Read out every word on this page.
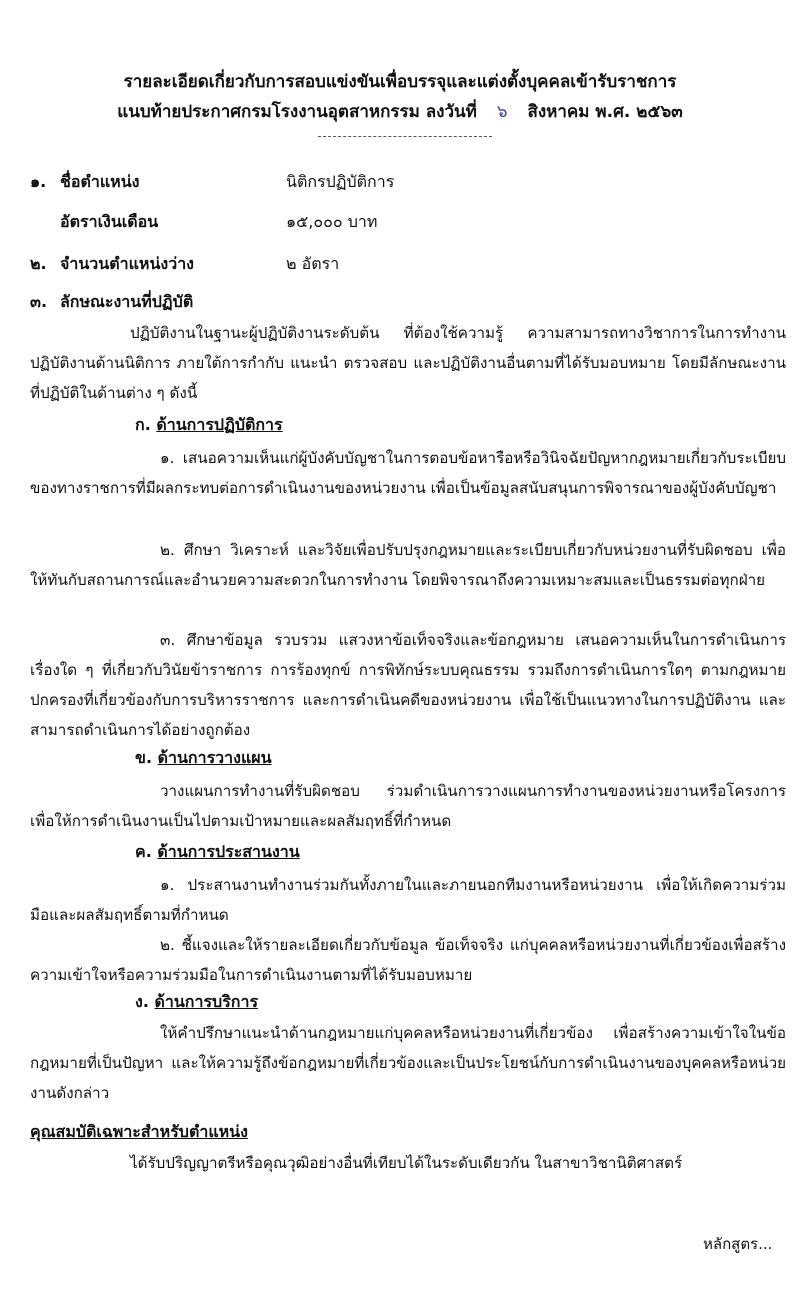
รายละเอียดเกี่ยวกับการสอบแข่งขันเพื่อบรรจุและแต่งตั้งบุคคลเข้ารับราชการ
แนบท้ายประกาศกรมโรงงานอุตสาหกรรม ลงวันที่ ๖ สิงหาคม พ.ศ. ๒๕๖๓
๑. ชื่อตำแหน่ง	นิติกรปฏิบัติการ
อัตราเงินเดือน	๑๕,๐๐๐ บาท
๒. จำนวนตำแหน่งว่าง	๒ อัตรา
๓. ลักษณะงานที่ปฏิบัติ
ปฏิบัติงานในฐานะผู้ปฏิบัติงานระดับต้น ที่ต้องใช้ความรู้ ความสามารถทางวิชาการในการทำงาน ปฏิบัติงานด้านนิติการ ภายใต้การกำกับ แนะนำ ตรวจสอบ และปฏิบัติงานอื่นตามที่ได้รับมอบหมาย โดยมีลักษณะงานที่ปฏิบัติในด้านต่าง ๆ ดังนี้
ก. ด้านการปฏิบัติการ
๑. เสนอความเห็นแก่ผู้บังคับบัญชาในการตอบข้อหารือหรือวินิจฉัยปัญหากฎหมายเกี่ยวกับระเบียบของทางราชการที่มีผลกระทบต่อการดำเนินงานของหน่วยงาน เพื่อเป็นข้อมูลสนับสนุนการพิจารณาของผู้บังคับบัญชา
๒. ศึกษา วิเคราะห์ และวิจัยเพื่อปรับปรุงกฎหมายและระเบียบเกี่ยวกับหน่วยงานที่รับผิดชอบ เพื่อให้ทันกับสถานการณ์และอำนวยความสะดวกในการทำงาน โดยพิจารณาถึงความเหมาะสมและเป็นธรรมต่อทุกฝ่าย
๓. ศึกษาข้อมูล รวบรวม แสวงหาข้อเท็จจริงและข้อกฎหมาย เสนอความเห็นในการดำเนินการเรื่องใด ๆ ที่เกี่ยวกับวินัยข้าราชการ การร้องทุกข์ การพิทักษ์ระบบคุณธรรม รวมถึงการดำเนินการใดๆ ตามกฎหมายปกครองที่เกี่ยวข้องกับการบริหารราชการ และการดำเนินคดีของหน่วยงาน เพื่อใช้เป็นแนวทางในการปฏิบัติงาน และสามารถดำเนินการได้อย่างถูกต้อง
ข. ด้านการวางแผน
วางแผนการทำงานที่รับผิดชอบ ร่วมดำเนินการวางแผนการทำงานของหน่วยงานหรือโครงการ เพื่อให้การดำเนินงานเป็นไปตามเป้าหมายและผลสัมฤทธิ์ที่กำหนด
ค. ด้านการประสานงาน
๑. ประสานงานทำงานร่วมกันทั้งภายในและภายนอกทีมงานหรือหน่วยงาน เพื่อให้เกิดความร่วมมือและผลสัมฤทธิ์ตามที่กำหนด
๒. ชี้แจงและให้รายละเอียดเกี่ยวกับข้อมูล ข้อเท็จจริง แก่บุคคลหรือหน่วยงานที่เกี่ยวข้องเพื่อสร้างความเข้าใจหรือความร่วมมือในการดำเนินงานตามที่ได้รับมอบหมาย
ง. ด้านการบริการ
ให้คำปรึกษาแนะนำด้านกฎหมายแก่บุคคลหรือหน่วยงานที่เกี่ยวข้อง เพื่อสร้างความเข้าใจในข้อกฎหมายที่เป็นปัญหา และให้ความรู้ถึงข้อกฎหมายที่เกี่ยวข้องและเป็นประโยชน์กับการดำเนินงานของบุคคลหรือหน่วยงานดังกล่าว
คุณสมบัติเฉพาะสำหรับตำแหน่ง
ได้รับปริญญาตรีหรือคุณวุฒิอย่างอื่นที่เทียบได้ในระดับเดียวกัน ในสาขาวิชานิติศาสตร์
หลักสูตร...
